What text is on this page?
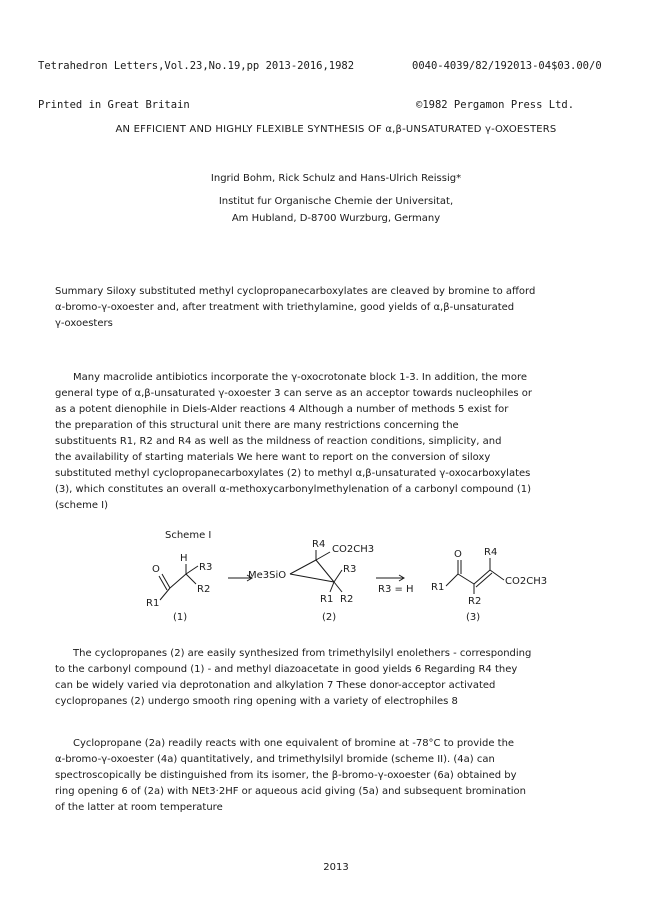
Tetrahedron Letters,Vol.23,No.19,pp 2013-2016,1982

Printed in Great Britain

0040-4039/82/192013-04$03.00/0

©1982 Pergamon Press Ltd.

AN EFFICIENT AND HIGHLY FLEXIBLE SYNTHESIS OF α,β-UNSATURATED γ-OXOESTERS
Ingrid Bohm, Rick Schulz and Hans-Ulrich Reissig*
Institut fur Organische Chemie der Universitat,
Am Hubland, D-8700 Wurzburg, Germany

Summary Siloxy substituted methyl cyclopropanecarboxylates are cleaved by bromine to afford

α-bromo-γ-oxoester and, after treatment with triethylamine, good yields of α,β-unsaturated

γ-oxoesters

Many macrolide antibiotics incorporate the γ-oxocrotonate block 1-3. In addition, the more

general type of α,β-unsaturated γ-oxoester 3 can serve as an acceptor towards nucleophiles or

as a potent dienophile in Diels-Alder reactions 4 Although a number of methods 5 exist for

the preparation of this structural unit there are many restrictions concerning the

substituents R1, R2 and R4 as well as the mildness of reaction conditions, simplicity, and

the availability of starting materials We here want to report on the conversion of siloxy

substituted methyl cyclopropanecarboxylates (2) to methyl α,β-unsaturated γ-oxocarboxylates

(3), which constitutes an overall α-methoxycarbonylmethylenation of a carbonyl compound (1)

(scheme I)

Scheme I
O
H
R3
R1
R2
(1)
R4 CO2CH3
Me3SiO
R3
R1 R2
(2)
R3 = H
O
R1
R4
CO2CH3
R2
(3)

The cyclopropanes (2) are easily synthesized from trimethylsilyl enolethers - corresponding

to the carbonyl compound (1) - and methyl diazoacetate in good yields 6 Regarding R4 they

can be widely varied via deprotonation and alkylation 7 These donor-acceptor activated

cyclopropanes (2) undergo smooth ring opening with a variety of electrophiles 8

Cyclopropane (2a) readily reacts with one equivalent of bromine at -78°C to provide the

α-bromo-γ-oxoester (4a) quantitatively, and trimethylsilyl bromide (scheme II). (4a) can

spectroscopically be distinguished from its isomer, the β-bromo-γ-oxoester (6a) obtained by

ring opening 6 of (2a) with NEt3·2HF or aqueous acid giving (5a) and subsequent bromination

of the latter at room temperature

2013
